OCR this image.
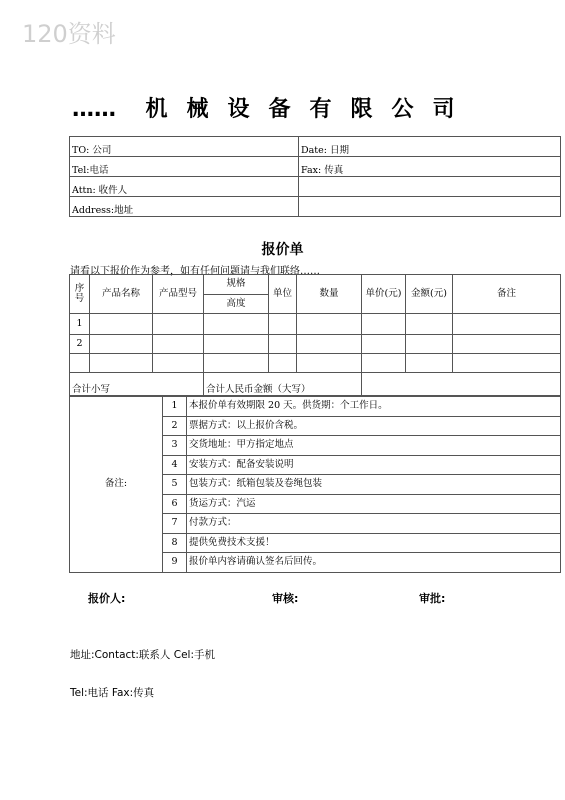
120资料
…… 机 械 设 备 有 限 公 司
TO: 公司	Date: 日期
Tel:电话	Fax: 传真
Attn: 收件人	
Address:地址	
报价单
请看以下报价作为参考，如有任何问题请与我们联络……
序号	产品名称	产品型号	规格	单位	数量	单价(元)	金额(元)	备注
			高度					
1								
2								

合计小写			合计人民币金额（大写）					
备注:	1	本报价单有效期限 20 天。供货期：个工作日。
	2	票据方式：以上报价含税。
	3	交货地址：甲方指定地点
	4	安装方式：配备安装说明
	5	包装方式：纸箱包装及卷绳包装
	6	货运方式：汽运
	7	付款方式：
	8	提供免费技术支援！
	9	报价单内容请确认签名后回传。
报价人:	审核:	审批:
地址:Contact:联系人 Cel:手机
Tel:电话 Fax:传真
